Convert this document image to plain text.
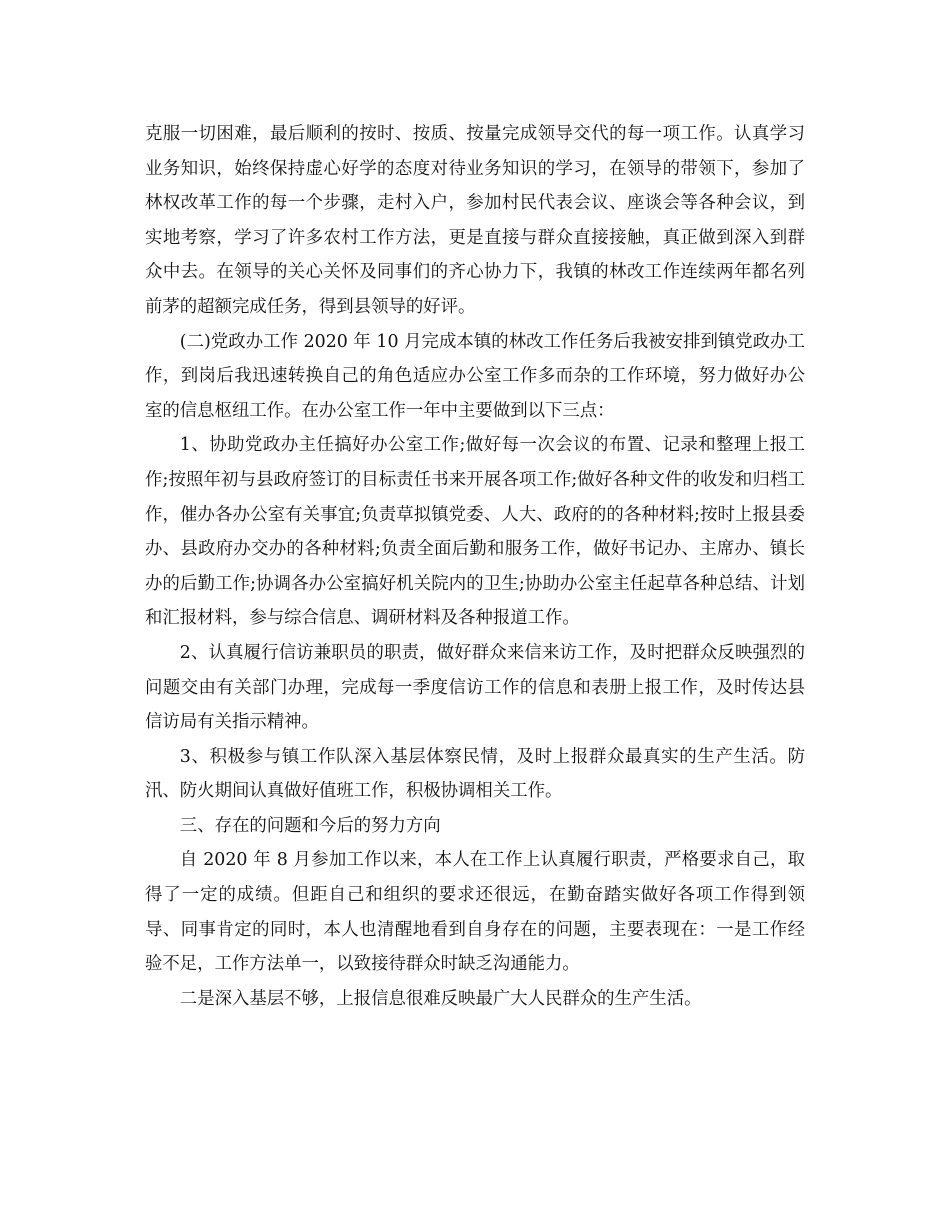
克服一切困难，最后顺利的按时、按质、按量完成领导交代的每一项工作。认真学习业务知识，始终保持虚心好学的态度对待业务知识的学习，在领导的带领下，参加了林权改革工作的每一个步骤，走村入户，参加村民代表会议、座谈会等各种会议，到实地考察，学习了许多农村工作方法，更是直接与群众直接接触，真正做到深入到群众中去。在领导的关心关怀及同事们的齐心协力下，我镇的林改工作连续两年都名列前茅的超额完成任务，得到县领导的好评。

(二)党政办工作 2020 年 10 月完成本镇的林改工作任务后我被安排到镇党政办工作，到岗后我迅速转换自己的角色适应办公室工作多而杂的工作环境，努力做好办公室的信息枢纽工作。在办公室工作一年中主要做到以下三点：

1、协助党政办主任搞好办公室工作;做好每一次会议的布置、记录和整理上报工作;按照年初与县政府签订的目标责任书来开展各项工作;做好各种文件的收发和归档工作，催办各办公室有关事宜;负责草拟镇党委、人大、政府的的各种材料;按时上报县委办、县政府办交办的各种材料;负责全面后勤和服务工作，做好书记办、主席办、镇长办的后勤工作;协调各办公室搞好机关院内的卫生;协助办公室主任起草各种总结、计划和汇报材料，参与综合信息、调研材料及各种报道工作。

2、认真履行信访兼职员的职责，做好群众来信来访工作，及时把群众反映强烈的问题交由有关部门办理，完成每一季度信访工作的信息和表册上报工作，及时传达县信访局有关指示精神。

3、积极参与镇工作队深入基层体察民情，及时上报群众最真实的生产生活。防汛、防火期间认真做好值班工作，积极协调相关工作。

三、存在的问题和今后的努力方向

自 2020 年 8 月参加工作以来，本人在工作上认真履行职责，严格要求自己，取得了一定的成绩。但距自己和组织的要求还很远，在勤奋踏实做好各项工作得到领导、同事肯定的同时，本人也清醒地看到自身存在的问题，主要表现在：一是工作经验不足，工作方法单一，以致接待群众时缺乏沟通能力。

二是深入基层不够，上报信息很难反映最广大人民群众的生产生活。
